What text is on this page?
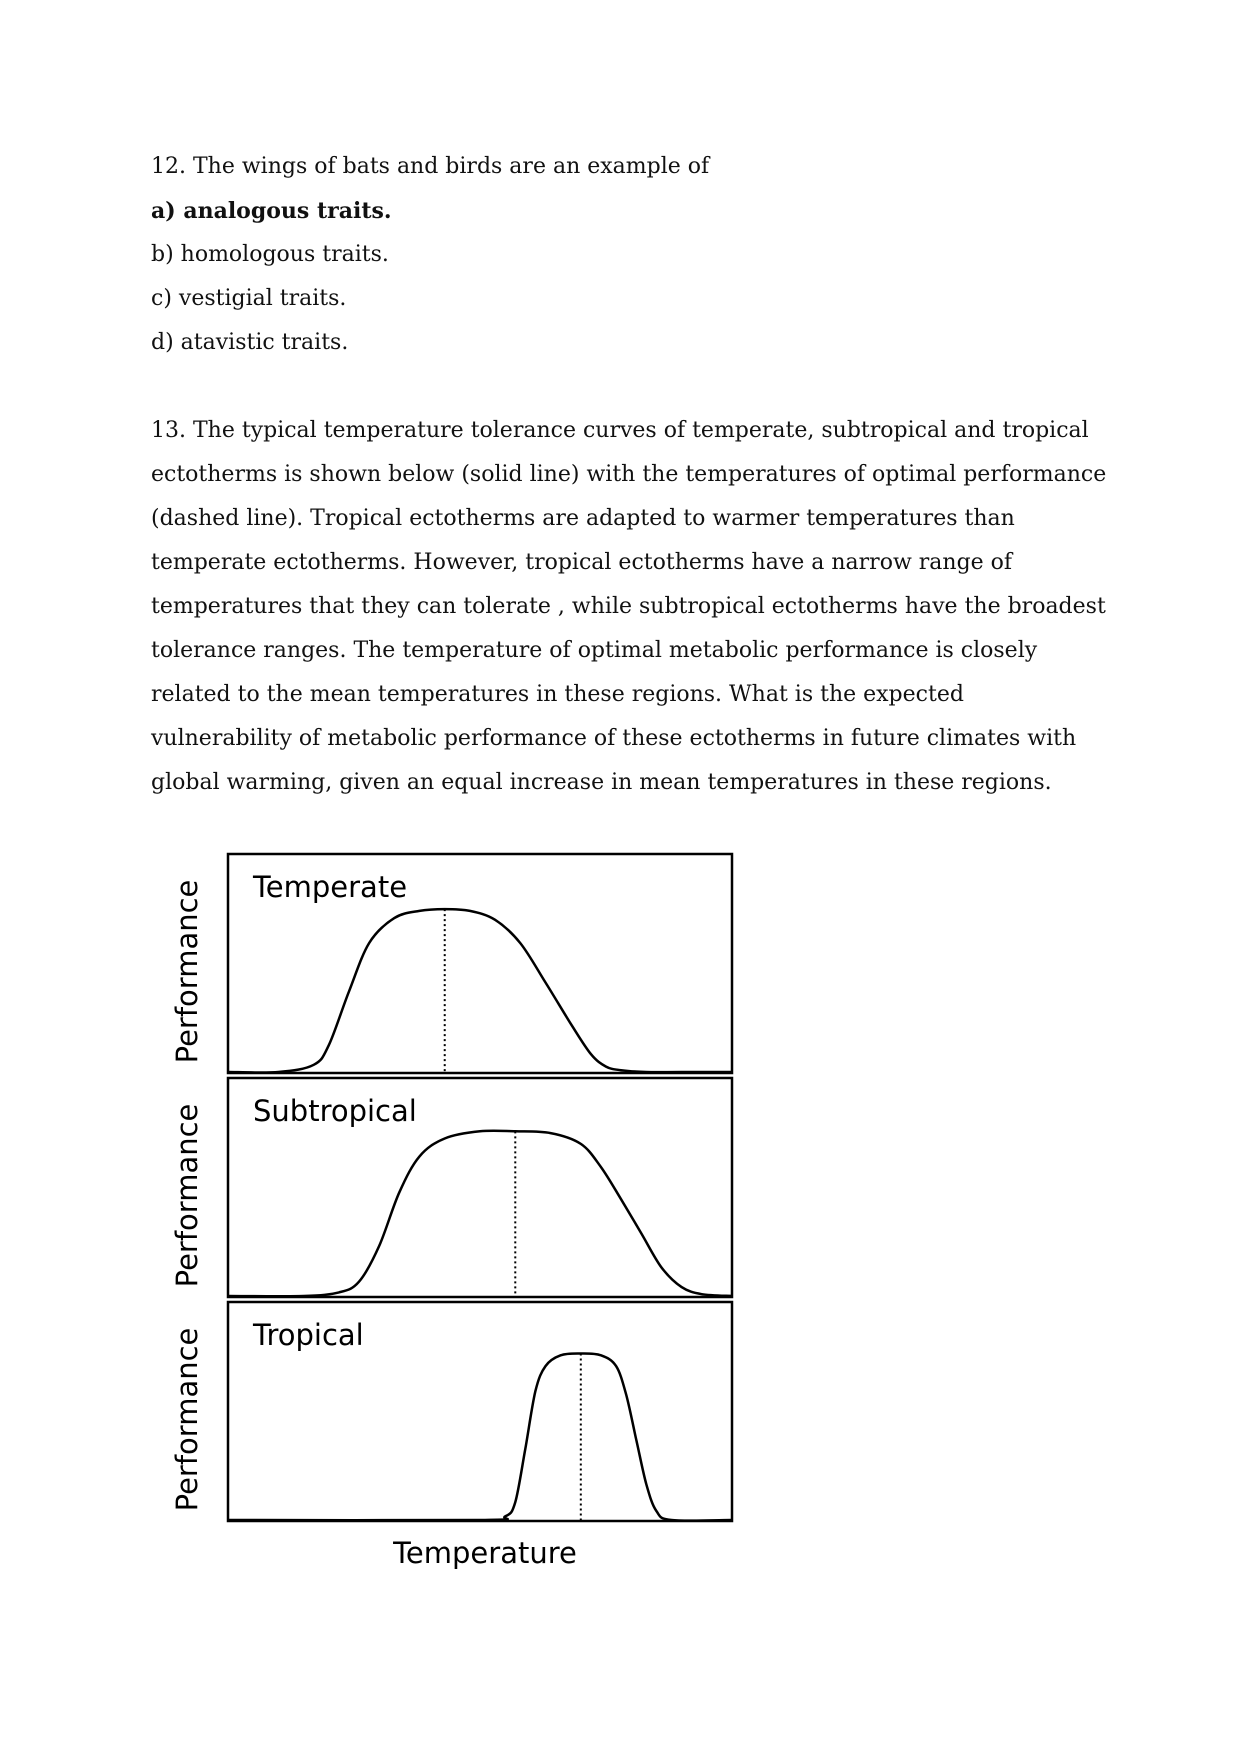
12. The wings of bats and birds are an example of

a) analogous traits.

b) homologous traits.

c) vestigial traits.

d) atavistic traits.

13. The typical temperature tolerance curves of temperate, subtropical and tropical ectotherms is shown below (solid line) with the temperatures of optimal performance (dashed line). Tropical ectotherms are adapted to warmer temperatures than temperate ectotherms. However, tropical ectotherms have a narrow range of temperatures that they can tolerate , while subtropical ectotherms have the broadest tolerance ranges. The temperature of optimal metabolic performance is closely related to the mean temperatures in these regions. What is the expected vulnerability of metabolic performance of these ectotherms in future climates with global warming, given an equal increase in mean temperatures in these regions.

Temperate
Performance
Subtropical
Performance
Tropical
Performance
Temperature
